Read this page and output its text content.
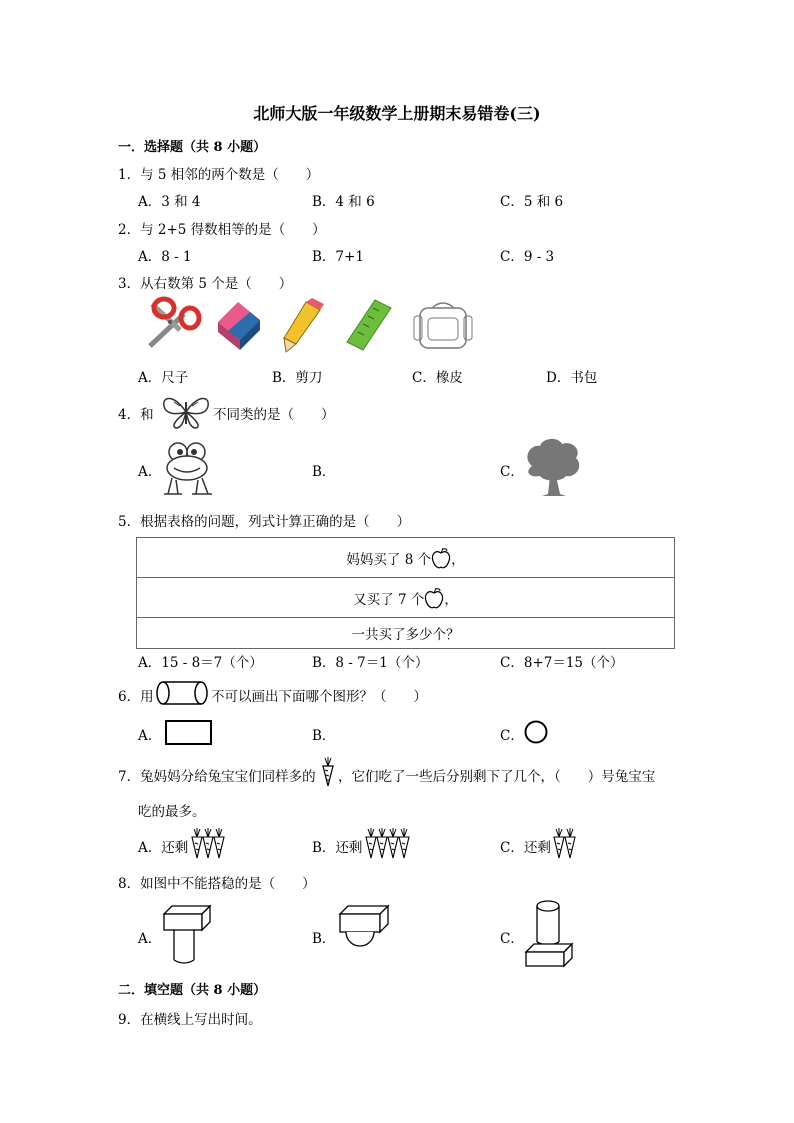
北师大版一年级数学上册期末易错卷(三)
一．选择题（共 8 小题）
1．与 5 相邻的两个数是（　　）
A．3 和 4	B．4 和 6	C．5 和 6
2．与 2+5 得数相等的是（　　）
A．8 - 1	B．7+1	C．9 - 3
3．从右数第 5 个是（　　）
A．尺子	B．剪刀	C．橡皮	D．书包
4．和	不同类的是（　　）
A．	B．	C．
5．根据表格的问题，列式计算正确的是（　　）
妈妈买了 8 个 ，
又买了 7 个 ，
一共买了多少个？
A．15 - 8＝7（个）	B．8 - 7＝1（个）	C．8+7＝15（个）
6．用	不可以画出下面哪个图形？（　　）
A．	B．	C．
7．兔妈妈分给兔宝宝们同样多的 ，它们吃了一些后分别剩下了几个，（　　）号兔宝宝
吃的最多。
A．还剩	B．还剩	C．还剩
8．如图中不能搭稳的是（　　）
A．	B．	C．
二．填空题（共 8 小题）
9．在横线上写出时间。
